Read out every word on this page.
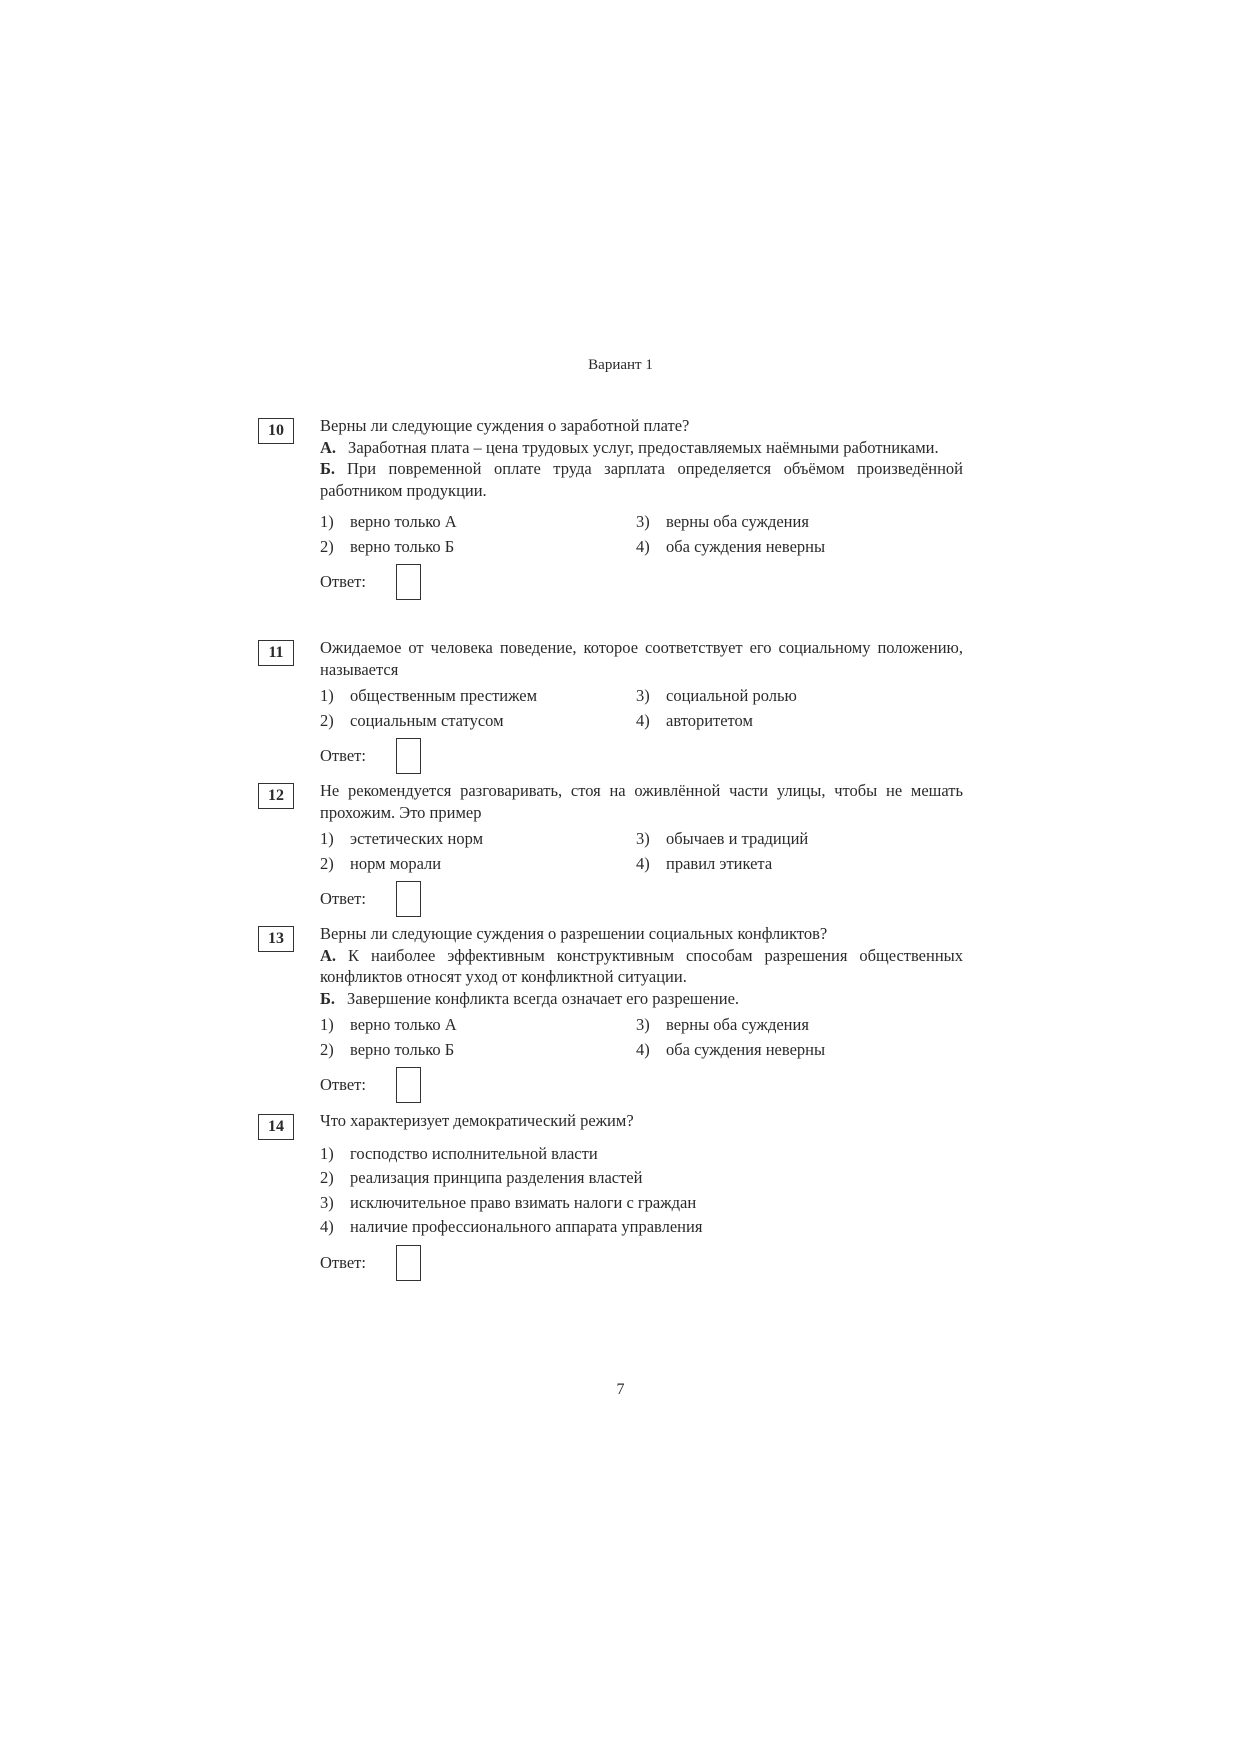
Вариант 1
10	Верны ли следующие суждения о заработной плате?

А. Заработная плата – цена трудовых услуг, предоставляемых наёмными работниками.

Б. При повременной оплате труда зарплата определяется объёмом произведённой работником продукции.

1) верно только А	3) верны оба суждения
2) верно только Б	4) оба суждения неверны
Ответ:
11	Ожидаемое от человека поведение, которое соответствует его социальному положению, называется

1) общественным престижем	3) социальной ролью
2) социальным статусом	4) авторитетом
Ответ:
12	Не рекомендуется разговаривать, стоя на оживлённой части улицы, чтобы не мешать прохожим. Это пример

1) эстетических норм	3) обычаев и традиций
2) норм морали	4) правил этикета
Ответ:
13	Верны ли следующие суждения о разрешении социальных конфликтов?

А. К наиболее эффективным конструктивным способам разрешения общественных конфликтов относят уход от конфликтной ситуации.

Б. Завершение конфликта всегда означает его разрешение.

1) верно только А	3) верны оба суждения
2) верно только Б	4) оба суждения неверны
Ответ:
14	Что характеризует демократический режим?

1) господство исполнительной власти
2) реализация принципа разделения властей
3) исключительное право взимать налоги с граждан
4) наличие профессионального аппарата управления
Ответ:
7
